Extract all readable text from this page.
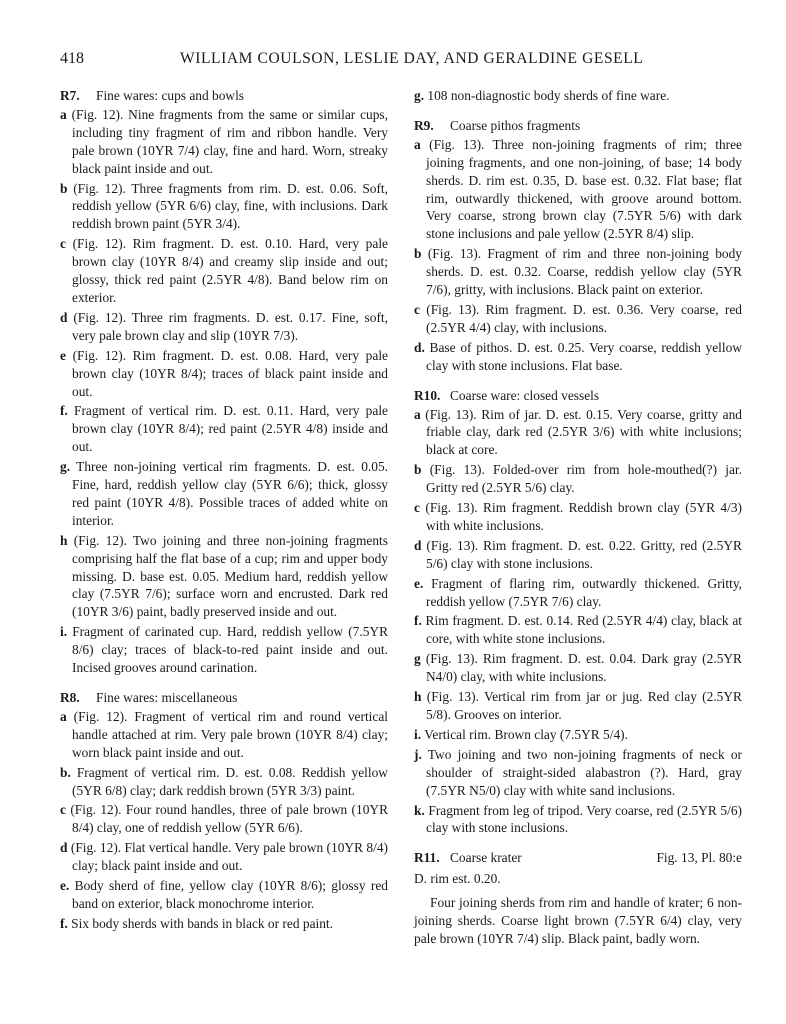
418	WILLIAM COULSON, LESLIE DAY, AND GERALDINE GESELL
R7. Fine wares: cups and bowls
a (Fig. 12). Nine fragments from the same or similar cups, including tiny fragment of rim and ribbon handle. Very pale brown (10YR 7/4) clay, fine and hard. Worn, streaky black paint inside and out.
b (Fig. 12). Three fragments from rim. D. est. 0.06. Soft, reddish yellow (5YR 6/6) clay, fine, with inclusions. Dark reddish brown paint (5YR 3/4).
c (Fig. 12). Rim fragment. D. est. 0.10. Hard, very pale brown clay (10YR 8/4) and creamy slip inside and out; glossy, thick red paint (2.5YR 4/8). Band below rim on exterior.
d (Fig. 12). Three rim fragments. D. est. 0.17. Fine, soft, very pale brown clay and slip (10YR 7/3).
e (Fig. 12). Rim fragment. D. est. 0.08. Hard, very pale brown clay (10YR 8/4); traces of black paint inside and out.
f. Fragment of vertical rim. D. est. 0.11. Hard, very pale brown clay (10YR 8/4); red paint (2.5YR 4/8) inside and out.
g. Three non-joining vertical rim fragments. D. est. 0.05. Fine, hard, reddish yellow clay (5YR 6/6); thick, glossy red paint (10YR 4/8). Possible traces of added white on interior.
h (Fig. 12). Two joining and three non-joining fragments comprising half the flat base of a cup; rim and upper body missing. D. base est. 0.05. Medium hard, reddish yellow clay (7.5YR 7/6); surface worn and encrusted. Dark red (10YR 3/6) paint, badly preserved inside and out.
i. Fragment of carinated cup. Hard, reddish yellow (7.5YR 8/6) clay; traces of black-to-red paint inside and out. Incised grooves around carination.
R8. Fine wares: miscellaneous
a (Fig. 12). Fragment of vertical rim and round vertical handle attached at rim. Very pale brown (10YR 8/4) clay; worn black paint inside and out.
b. Fragment of vertical rim. D. est. 0.08. Reddish yellow (5YR 6/8) clay; dark reddish brown (5YR 3/3) paint.
c (Fig. 12). Four round handles, three of pale brown (10YR 8/4) clay, one of reddish yellow (5YR 6/6).
d (Fig. 12). Flat vertical handle. Very pale brown (10YR 8/4) clay; black paint inside and out.
e. Body sherd of fine, yellow clay (10YR 8/6); glossy red band on exterior, black monochrome interior.
f. Six body sherds with bands in black or red paint.
g. 108 non-diagnostic body sherds of fine ware.
R9. Coarse pithos fragments
a (Fig. 13). Three non-joining fragments of rim; three joining fragments, and one non-joining, of base; 14 body sherds. D. rim est. 0.35, D. base est. 0.32. Flat base; flat rim, outwardly thickened, with groove around bottom. Very coarse, strong brown clay (7.5YR 5/6) with dark stone inclusions and pale yellow (2.5YR 8/4) slip.
b (Fig. 13). Fragment of rim and three non-joining body sherds. D. est. 0.32. Coarse, reddish yellow clay (5YR 7/6), gritty, with inclusions. Black paint on exterior.
c (Fig. 13). Rim fragment. D. est. 0.36. Very coarse, red (2.5YR 4/4) clay, with inclusions.
d. Base of pithos. D. est. 0.25. Very coarse, reddish yellow clay with stone inclusions. Flat base.
R10. Coarse ware: closed vessels
a (Fig. 13). Rim of jar. D. est. 0.15. Very coarse, gritty and friable clay, dark red (2.5YR 3/6) with white inclusions; black at core.
b (Fig. 13). Folded-over rim from hole-mouthed(?) jar. Gritty red (2.5YR 5/6) clay.
c (Fig. 13). Rim fragment. Reddish brown clay (5YR 4/3) with white inclusions.
d (Fig. 13). Rim fragment. D. est. 0.22. Gritty, red (2.5YR 5/6) clay with stone inclusions.
e. Fragment of flaring rim, outwardly thickened. Gritty, reddish yellow (7.5YR 7/6) clay.
f. Rim fragment. D. est. 0.14. Red (2.5YR 4/4) clay, black at core, with white stone inclusions.
g (Fig. 13). Rim fragment. D. est. 0.04. Dark gray (2.5YR N4/0) clay, with white inclusions.
h (Fig. 13). Vertical rim from jar or jug. Red clay (2.5YR 5/8). Grooves on interior.
i. Vertical rim. Brown clay (7.5YR 5/4).
j. Two joining and two non-joining fragments of neck or shoulder of straight-sided alabastron (?). Hard, gray (7.5YR N5/0) clay with white sand inclusions.
k. Fragment from leg of tripod. Very coarse, red (2.5YR 5/6) clay with stone inclusions.
R11. Coarse krater	Fig. 13, Pl. 80:e
D. rim est. 0.20.
Four joining sherds from rim and handle of krater; 6 non-joining sherds. Coarse light brown (7.5YR 6/4) clay, very pale brown (10YR 7/4) slip. Black paint, badly worn.
